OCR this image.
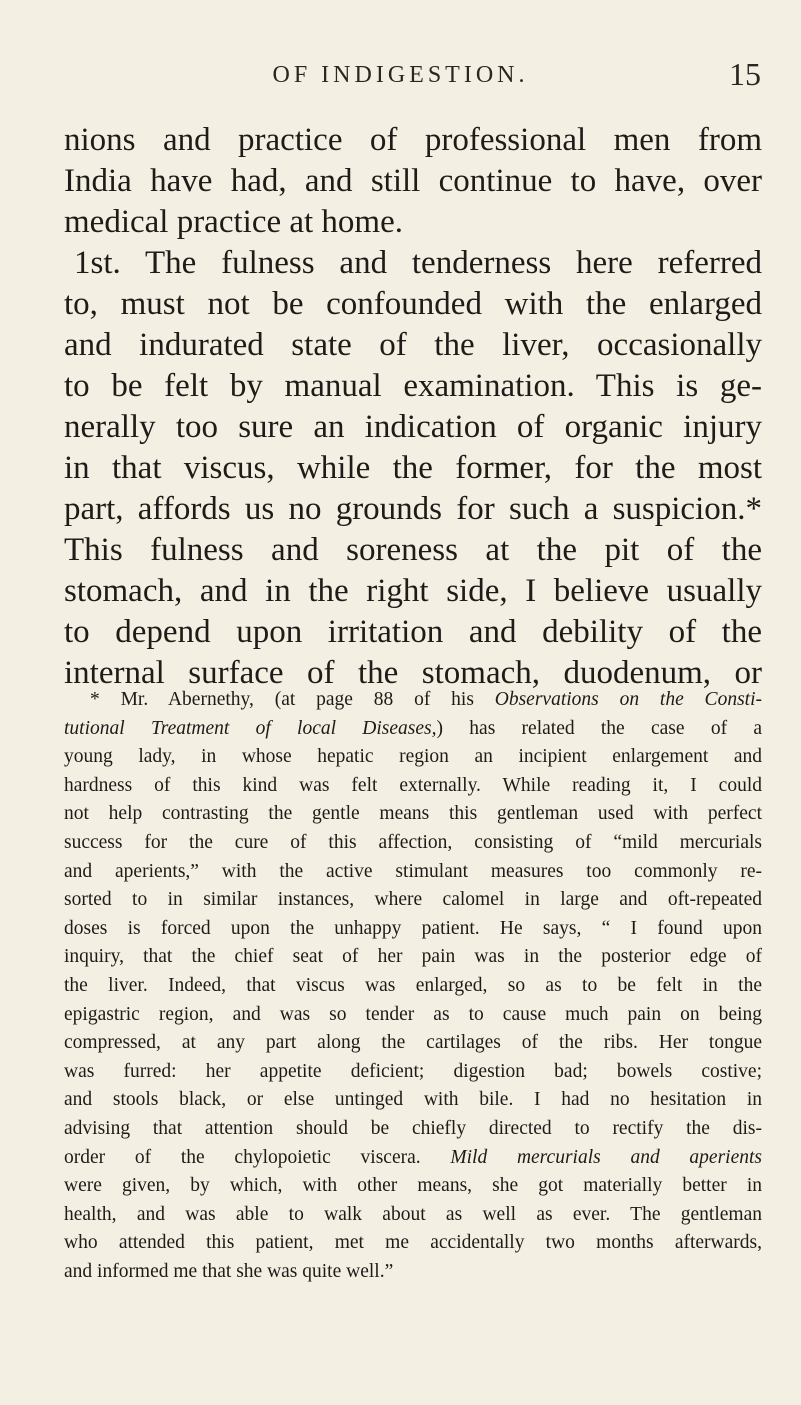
OF INDIGESTION.	15
nions and practice of professional men from
India have had, and still continue to have, over
medical practice at home.
1st. The fulness and tenderness here referred
to, must not be confounded with the enlarged
and indurated state of the liver, occasionally
to be felt by manual examination. This is ge-
nerally too sure an indication of organic injury
in that viscus, while the former, for the most
part, affords us no grounds for such a suspicion.*
This fulness and soreness at the pit of the
stomach, and in the right side, I believe usually
to depend upon irritation and debility of the
internal surface of the stomach, duodenum, or
* Mr. Abernethy, (at page 88 of his Observations on the Consti-
tutional Treatment of local Diseases,) has related the case of a
young lady, in whose hepatic region an incipient enlargement and
hardness of this kind was felt externally. While reading it, I could
not help contrasting the gentle means this gentleman used with perfect
success for the cure of this affection, consisting of “mild mercurials
and aperients,” with the active stimulant measures too commonly re-
sorted to in similar instances, where calomel in large and oft-repeated
doses is forced upon the unhappy patient. He says, “ I found upon
inquiry, that the chief seat of her pain was in the posterior edge of
the liver. Indeed, that viscus was enlarged, so as to be felt in the
epigastric region, and was so tender as to cause much pain on being
compressed, at any part along the cartilages of the ribs. Her tongue
was furred: her appetite deficient; digestion bad; bowels costive;
and stools black, or else untinged with bile. I had no hesitation in
advising that attention should be chiefly directed to rectify the dis-
order of the chylopoietic viscera. Mild mercurials and aperients
were given, by which, with other means, she got materially better in
health, and was able to walk about as well as ever. The gentleman
who attended this patient, met me accidentally two months afterwards,
and informed me that she was quite well.”
